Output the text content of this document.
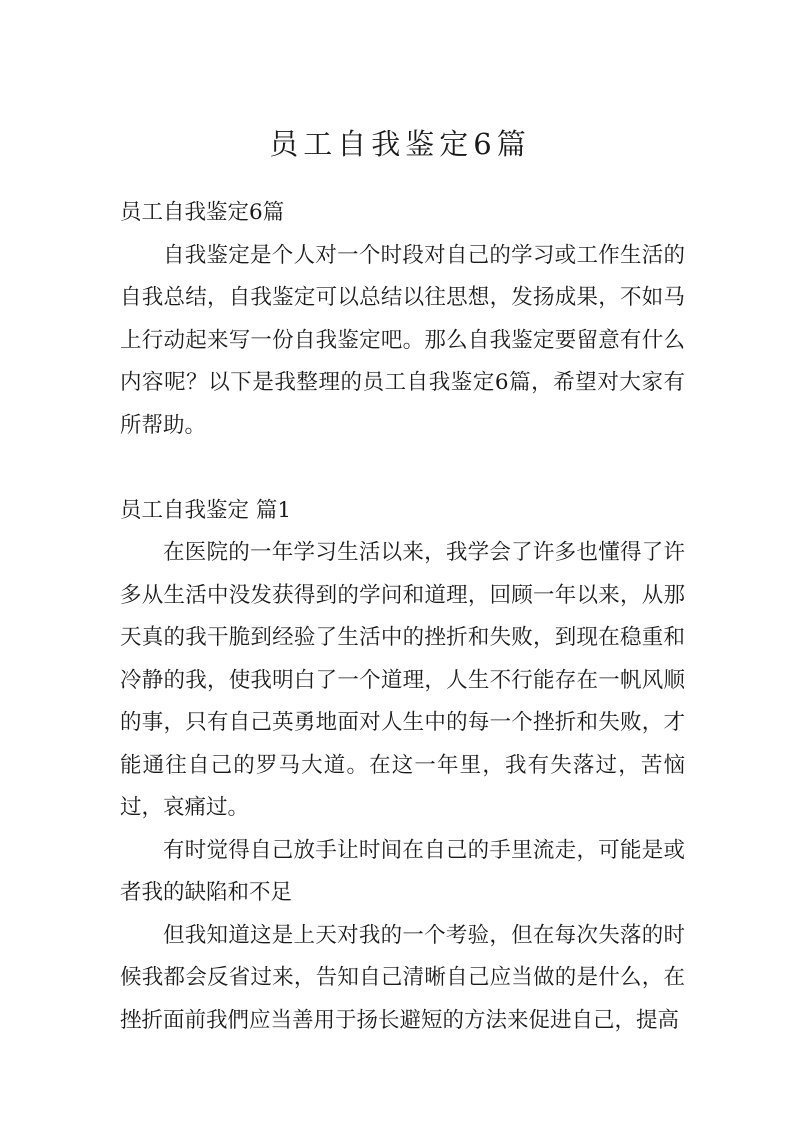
员工自我鉴定6篇

员工自我鉴定6篇

自我鉴定是个人对一个时段对自己的学习或工作生活的自我总结，自我鉴定可以总结以往思想，发扬成果，不如马上行动起来写一份自我鉴定吧。那么自我鉴定要留意有什么内容呢？以下是我整理的员工自我鉴定6篇，希望对大家有所帮助。

员工自我鉴定 篇1

在医院的一年学习生活以来，我学会了许多也懂得了许多从生活中没发获得到的学问和道理，回顾一年以来，从那天真的我干脆到经验了生活中的挫折和失败，到现在稳重和冷静的我，使我明白了一个道理，人生不行能存在一帆风顺的事，只有自己英勇地面对人生中的每一个挫折和失败，才能通往自己的罗马大道。在这一年里，我有失落过，苦恼过，哀痛过。

有时觉得自己放手让时间在自己的手里流走，可能是或者我的缺陷和不足

但我知道这是上天对我的一个考验，但在每次失落的时候我都会反省过来，告知自己清晰自己应当做的是什么，在挫折面前我們应当善用于扬长避短的方法来促进自己，提高
